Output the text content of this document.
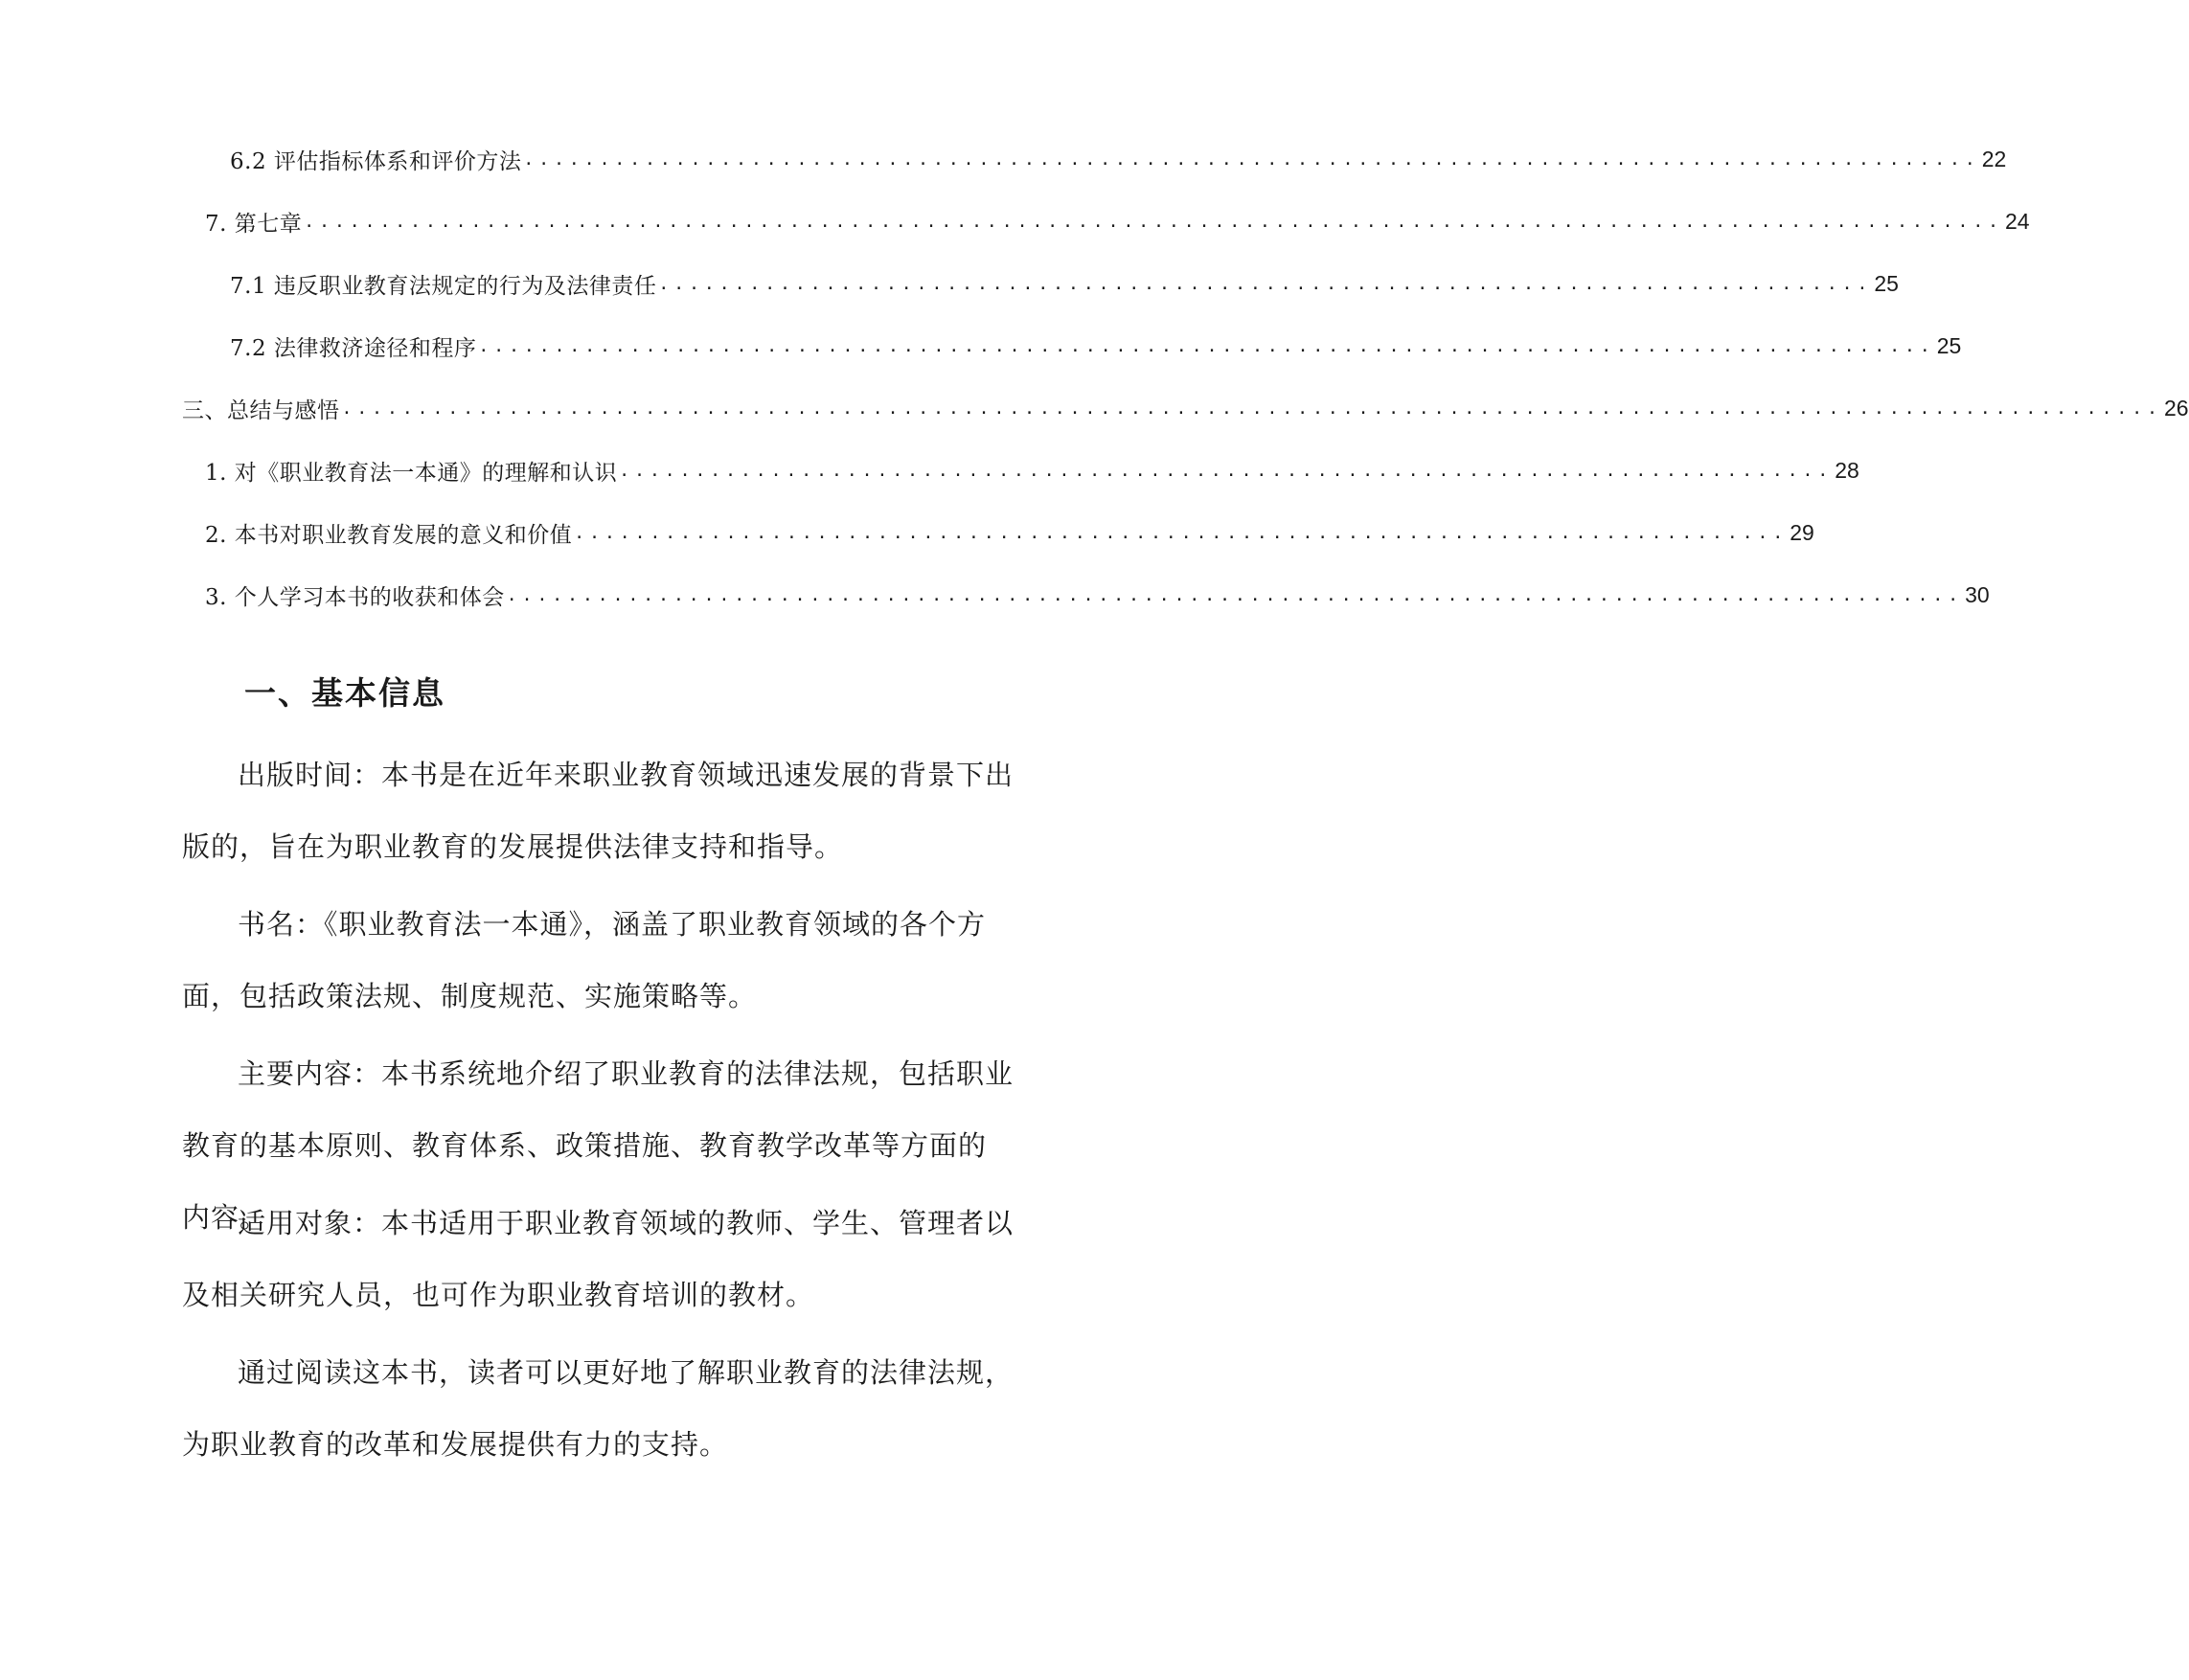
6.2 评估指标体系和评价方法 ................................................................................................ 22
7. 第七章 ................................................................................................................ 24
7.1 违反职业教育法规定的行为及法律责任 ................................................................................ 25
7.2 法律救济途径和程序 ................................................................................................ 25
三、总结与感悟 ........................................................................................................................ 26
1. 对《职业教育法一本通》的理解和认识 ................................................................................ 28
2. 本书对职业教育发展的意义和价值 ................................................................................ 29
3. 个人学习本书的收获和体会 ................................................................................................ 30
一、基本信息

出版时间：本书是在近年来职业教育领域迅速发展的背景下出版的，旨在为职业教育的发展提供法律支持和指导。

书名：《职业教育法一本通》，涵盖了职业教育领域的各个方面，包括政策法规、制度规范、实施策略等。

主要内容：本书系统地介绍了职业教育的法律法规，包括职业教育的基本原则、教育体系、政策措施、教育教学改革等方面的内容。

适用对象：本书适用于职业教育领域的教师、学生、管理者以及相关研究人员，也可作为职业教育培训的教材。

通过阅读这本书，读者可以更好地了解职业教育的法律法规，为职业教育的改革和发展提供有力的支持。
